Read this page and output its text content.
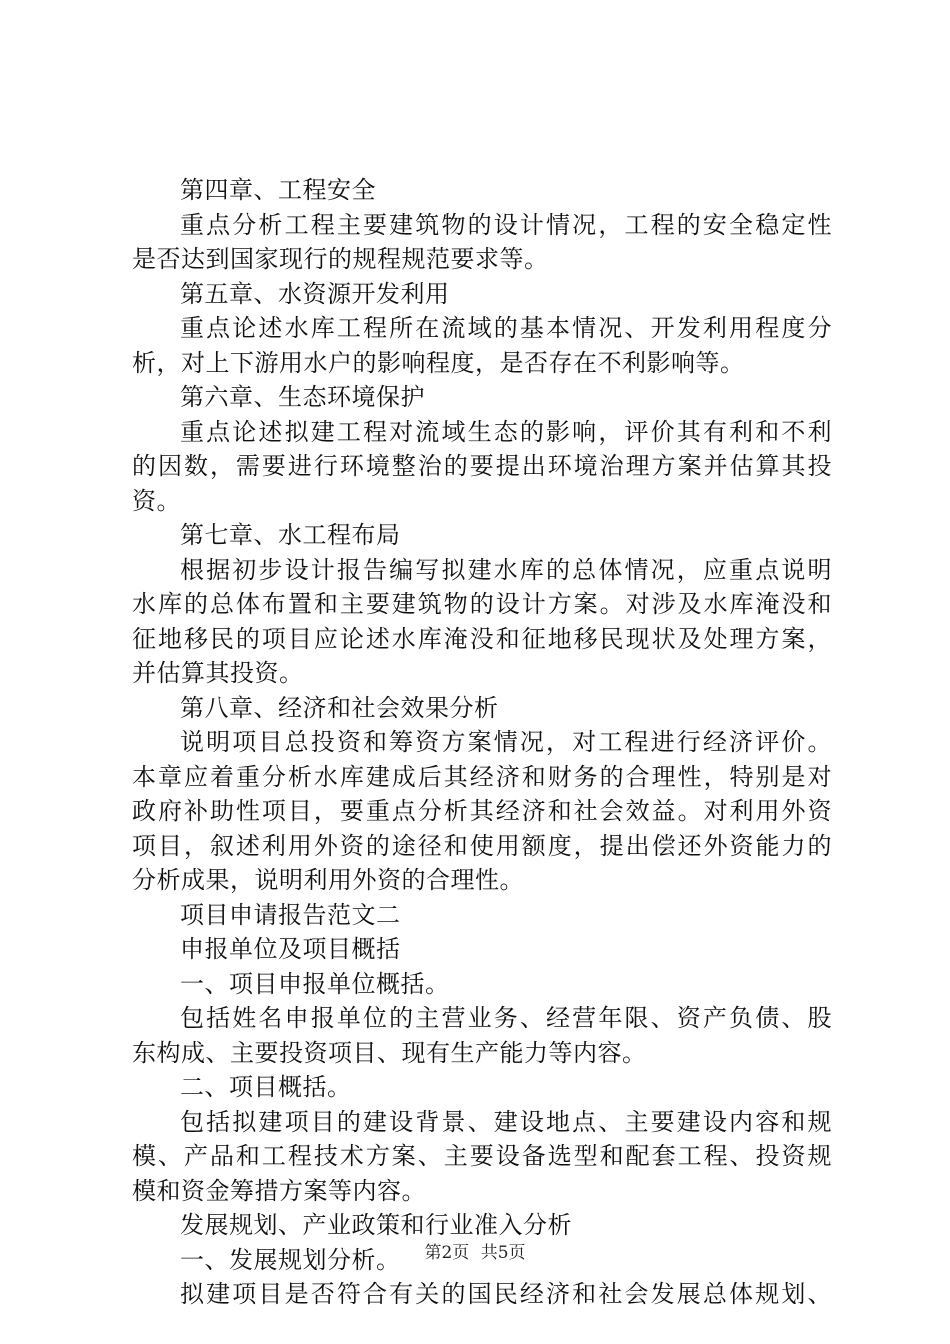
第四章、工程安全
重点分析工程主要建筑物的设计情况，工程的安全稳定性
是否达到国家现行的规程规范要求等。
第五章、水资源开发利用
重点论述水库工程所在流域的基本情况、开发利用程度分
析，对上下游用水户的影响程度，是否存在不利影响等。
第六章、生态环境保护
重点论述拟建工程对流域生态的影响，评价其有利和不利
的因数，需要进行环境整治的要提出环境治理方案并估算其投
资。
第七章、水工程布局
根据初步设计报告编写拟建水库的总体情况，应重点说明
水库的总体布置和主要建筑物的设计方案。对涉及水库淹没和
征地移民的项目应论述水库淹没和征地移民现状及处理方案，
并估算其投资。
第八章、经济和社会效果分析
说明项目总投资和筹资方案情况，对工程进行经济评价。
本章应着重分析水库建成后其经济和财务的合理性，特别是对
政府补助性项目，要重点分析其经济和社会效益。对利用外资
项目，叙述利用外资的途径和使用额度，提出偿还外资能力的
分析成果，说明利用外资的合理性。
项目申请报告范文二
申报单位及项目概括
一、项目申报单位概括。
包括姓名申报单位的主营业务、经营年限、资产负债、股
东构成、主要投资项目、现有生产能力等内容。
二、项目概括。
包括拟建项目的建设背景、建设地点、主要建设内容和规
模、产品和工程技术方案、主要设备选型和配套工程、投资规
模和资金筹措方案等内容。
发展规划、产业政策和行业准入分析
一、发展规划分析。
拟建项目是否符合有关的国民经济和社会发展总体规划、
第2页 共5页
